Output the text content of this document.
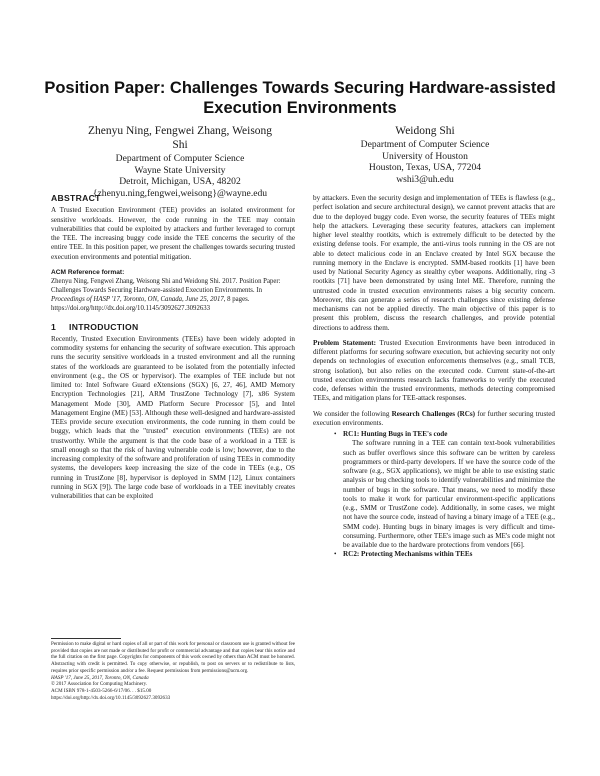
Position Paper: Challenges Towards Securing Hardware-assisted Execution Environments
Zhenyu Ning, Fengwei Zhang, Weisong Shi
Department of Computer Science
Wayne State University
Detroit, Michigan, USA, 48202
{zhenyu.ning,fengwei,weisong}@wayne.edu
Weidong Shi
Department of Computer Science
University of Houston
Houston, Texas, USA, 77204
wshi3@uh.edu
ABSTRACT

A Trusted Execution Environment (TEE) provides an isolated environment for sensitive workloads. However, the code running in the TEE may contain vulnerabilities that could be exploited by attackers and further leveraged to corrupt the TEE. The increasing buggy code inside the TEE concerns the security of the entire TEE. In this position paper, we present the challenges towards securing trusted execution environments and potential mitigation.

ACM Reference format:

Zhenyu Ning, Fengwei Zhang, Weisong Shi and Weidong Shi. 2017. Position Paper: Challenges Towards Securing Hardware-assisted Execution Environments. In Proceedings of HASP '17, Toronto, ON, Canada, June 25, 2017, 8 pages.

https://doi.org/http://dx.doi.org/10.1145/3092627.3092633

1 INTRODUCTION

Recently, Trusted Execution Environments (TEEs) have been widely adopted in commodity systems for enhancing the security of software execution. This approach runs the security sensitive workloads in a trusted environment and all the running states of the workloads are guaranteed to be isolated from the potentially infected environment (e.g., the OS or hypervisor). The examples of TEE include but not limited to: Intel Software Guard eXtensions (SGX) [6, 27, 46], AMD Memory Encryption Technologies [21], ARM TrustZone Technology [7], x86 System Management Mode [30], AMD Platform Secure Processor [5], and Intel Management Engine (ME) [53]. Although these well-designed and hardware-assisted TEEs provide secure execution environments, the code running in them could be buggy, which leads that the "trusted" execution environments (TEEs) are not trustworthy. While the argument is that the code base of a workload in a TEE is small enough so that the risk of having vulnerable code is low; however, due to the increasing complexity of the software and proliferation of using TEEs in commodity systems, the developers keep increasing the size of the code in TEEs (e.g., OS running in TrustZone [8], hypervisor is deployed in SMM [12], Linux containers running in SGX [9]). The large code base of workloads in a TEE inevitably creates vulnerabilities that can be exploited

Permission to make digital or hard copies of all or part of this work for personal or classroom use is granted without fee provided that copies are not made or distributed for profit or commercial advantage and that copies bear this notice and the full citation on the first page. Copyrights for components of this work owned by others than ACM must be honored. Abstracting with credit is permitted. To copy otherwise, or republish, to post on servers or to redistribute to lists, requires prior specific permission and/or a fee. Request permissions from permissions@acm.org.
HASP '17, June 25, 2017, Toronto, ON, Canada
© 2017 Association for Computing Machinery.
ACM ISBN 978-1-4503-5266-6/17/06. . . $15.00
https://doi.org/http://dx.doi.org/10.1145/3092627.3092633

by attackers. Even the security design and implementation of TEEs is flawless (e.g., perfect isolation and secure architectural design), we cannot prevent attacks that are due to the deployed buggy code. Even worse, the security features of TEEs might help the attackers. Leveraging these security features, attackers can implement higher level stealthy rootkits, which is extremely difficult to be detected by the existing defense tools. For example, the anti-virus tools running in the OS are not able to detect malicious code in an Enclave created by Intel SGX because the running memory in the Enclave is encrypted. SMM-based rootkits [1] have been used by National Security Agency as stealthy cyber weapons. Additionally, ring -3 rootkits [71] have been demonstrated by using Intel ME. Therefore, running the untrusted code in trusted execution environments raises a big security concern. Moreover, this can generate a series of research challenges since existing defense mechanisms can not be applied directly. The main objective of this paper is to present this problem, discuss the research challenges, and provide potential directions to address them.

Problem Statement: Trusted Execution Environments have been introduced in different platforms for securing software execution, but achieving security not only depends on technologies of execution enforcements themselves (e.g., small TCB, strong isolation), but also relies on the executed code. Current state-of-the-art trusted execution environments research lacks frameworks to verify the executed code, defenses within the trusted environments, methods detecting compromised TEEs, and mitigation plans for TEE-attack responses.

We consider the following Research Challenges (RCs) for further securing trusted execution environments.

• RC1: Hunting Bugs in TEE's code

The software running in a TEE can contain text-book vulnerabilities such as buffer overflows since this software can be written by careless programmers or third-party developers. If we have the source code of the software (e.g., SGX applications), we might be able to use existing static analysis or bug checking tools to identify vulnerabilities and minimize the number of bugs in the software. That means, we need to modify these tools to make it work for particular environment-specific applications (e.g., SMM or TrustZone code). Additionally, in some cases, we might not have the source code, instead of having a binary image of a TEE (e.g., SMM code). Hunting bugs in binary images is very difficult and time-consuming. Furthermore, other TEE's image such as ME's code might not be available due to the hardware protections from vendors [66].

• RC2: Protecting Mechanisms within TEEs
